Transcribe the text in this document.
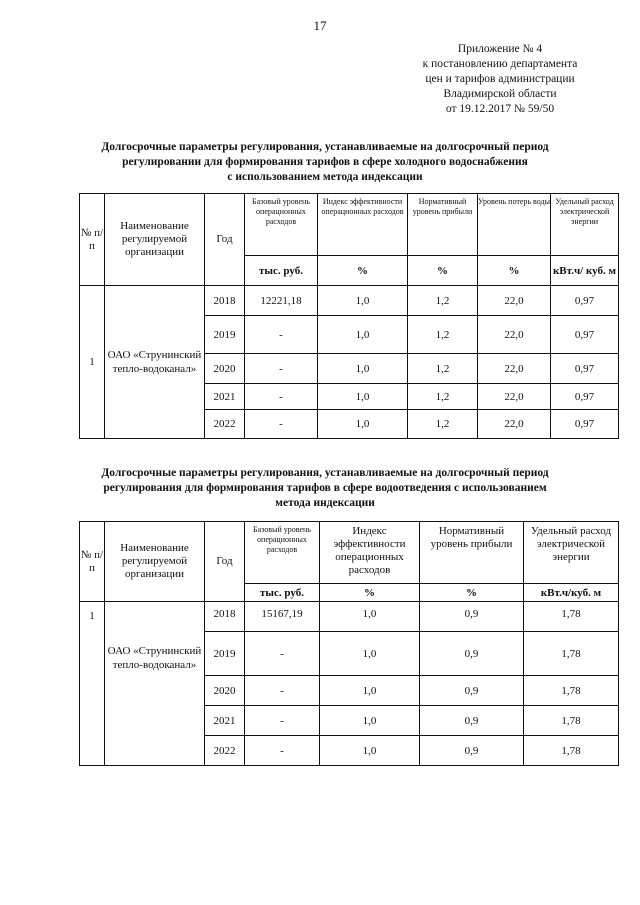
17
Приложение № 4
к постановлению департамента
цен и тарифов администрации
Владимирской области
от 19.12.2017 № 59/50
Долгосрочные параметры регулирования, устанавливаемые на долгосрочный период
регулировании для формирования тарифов в сфере холодного водоснабжения
с использованием метода индексации
№ п/п	Наименование регулируемой организации	Год	Базовый уровень операционных расходов	Индекс эффективности операционных расходов	Нормативный уровень прибыли	Уровень потерь воды	Удельный расход электрической энергии
			тыс. руб.	%	%	%	кВт.ч/ куб. м
1	ОАО «Струнинский тепло-водоканал»	2018	12221,18	1,0	1,2	22,0	0,97
		2019	-	1,0	1,2	22,0	0,97
		2020	-	1,0	1,2	22,0	0,97
		2021	-	1,0	1,2	22,0	0,97
		2022	-	1,0	1,2	22,0	0,97
Долгосрочные параметры регулирования, устанавливаемые на долгосрочный период
регулирования для формирования тарифов в сфере водоотведения с использованием
метода индексации
№ п/ п	Наименование регулируемой организации	Год	Базовый уровень операционных расходов	Индекс эффективности операционных расходов	Нормативный уровень прибыли	Удельный расход электрической энергии
			тыс. руб.	%	%	кВт.ч/куб. м
1	ОАО «Струнинский тепло-водоканал»	2018	15167,19	1,0	0,9	1,78
		2019	-	1,0	0,9	1,78
		2020	-	1,0	0,9	1,78
		2021	-	1,0	0,9	1,78
		2022	-	1,0	0,9	1,78
